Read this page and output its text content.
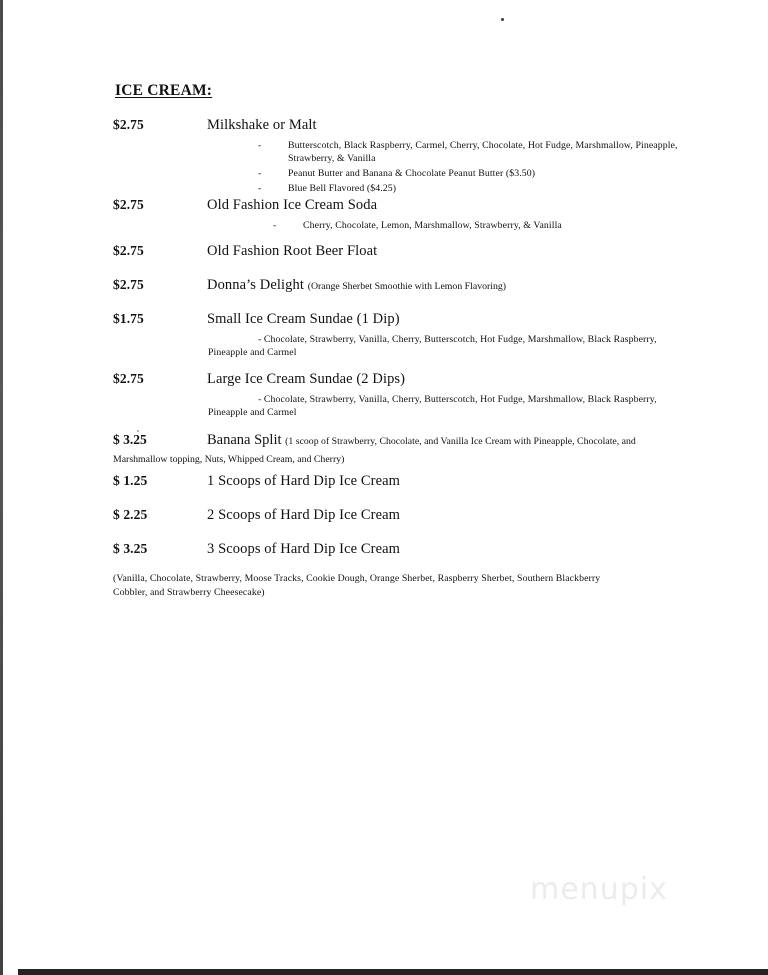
ICE CREAM:
$2.75	Milkshake or Malt
-	Butterscotch, Black Raspberry, Carmel, Cherry, Chocolate, Hot Fudge, Marshmallow, Pineapple, Strawberry, & Vanilla
-	Peanut Butter and Banana & Chocolate Peanut Butter ($3.50)
-	Blue Bell Flavored ($4.25)
$2.75	Old Fashion Ice Cream Soda
-	Cherry, Chocolate, Lemon, Marshmallow, Strawberry, & Vanilla
$2.75	Old Fashion Root Beer Float
$2.75	Donna’s Delight (Orange Sherbet Smoothie with Lemon Flavoring)
$1.75	Small Ice Cream Sundae (1 Dip)
- Chocolate, Strawberry, Vanilla, Cherry, Butterscotch, Hot Fudge, Marshmallow, Black Raspberry, Pineapple and Carmel
$2.75	Large Ice Cream Sundae (2 Dips)
- Chocolate, Strawberry, Vanilla, Cherry, Butterscotch, Hot Fudge, Marshmallow, Black Raspberry, Pineapple and Carmel
$ 3.25	Banana Split (1 scoop of Strawberry, Chocolate, and Vanilla Ice Cream with Pineapple, Chocolate, and Marshmallow topping, Nuts, Whipped Cream, and Cherry)
$ 1.25	1 Scoops of Hard Dip Ice Cream
$ 2.25	2 Scoops of Hard Dip Ice Cream
$ 3.25	3 Scoops of Hard Dip Ice Cream
(Vanilla, Chocolate, Strawberry, Moose Tracks, Cookie Dough, Orange Sherbet, Raspberry Sherbet, Southern Blackberry Cobbler, and Strawberry Cheesecake)
menupix
